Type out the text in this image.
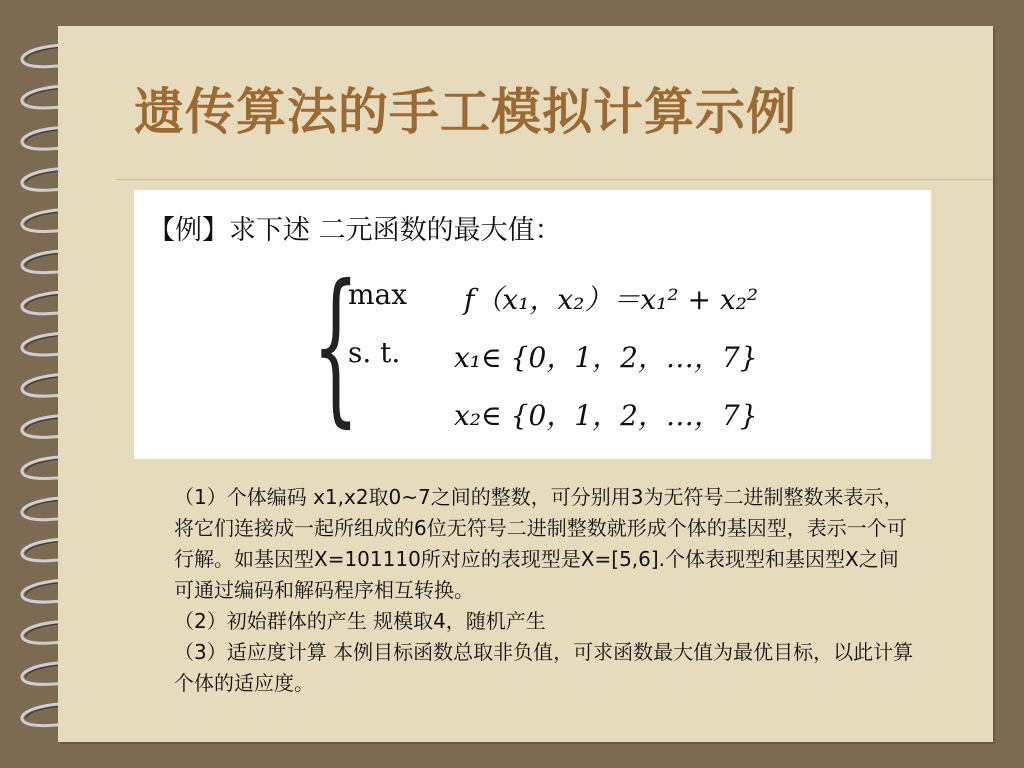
遗传算法的手工模拟计算示例
【例】求下述 二元函数的最大值：
{
max
s. t.
f（x₁，x₂）＝x₁² + x₂²
x₁∈ {0，1，2，…，7}
x₂∈ {0，1，2，…，7}

（1）个体编码 x1,x2取0~7之间的整数，可分别用3为无符号二进制整数来表示，将它们连接成一起所组成的6位无符号二进制整数就形成个体的基因型，表示一个可行解。如基因型X=101110所对应的表现型是X=[5,6].个体表现型和基因型X之间可通过编码和解码程序相互转换。

（2）初始群体的产生 规模取4，随机产生

（3）适应度计算 本例目标函数总取非负值，可求函数最大值为最优目标，以此计算个体的适应度。
